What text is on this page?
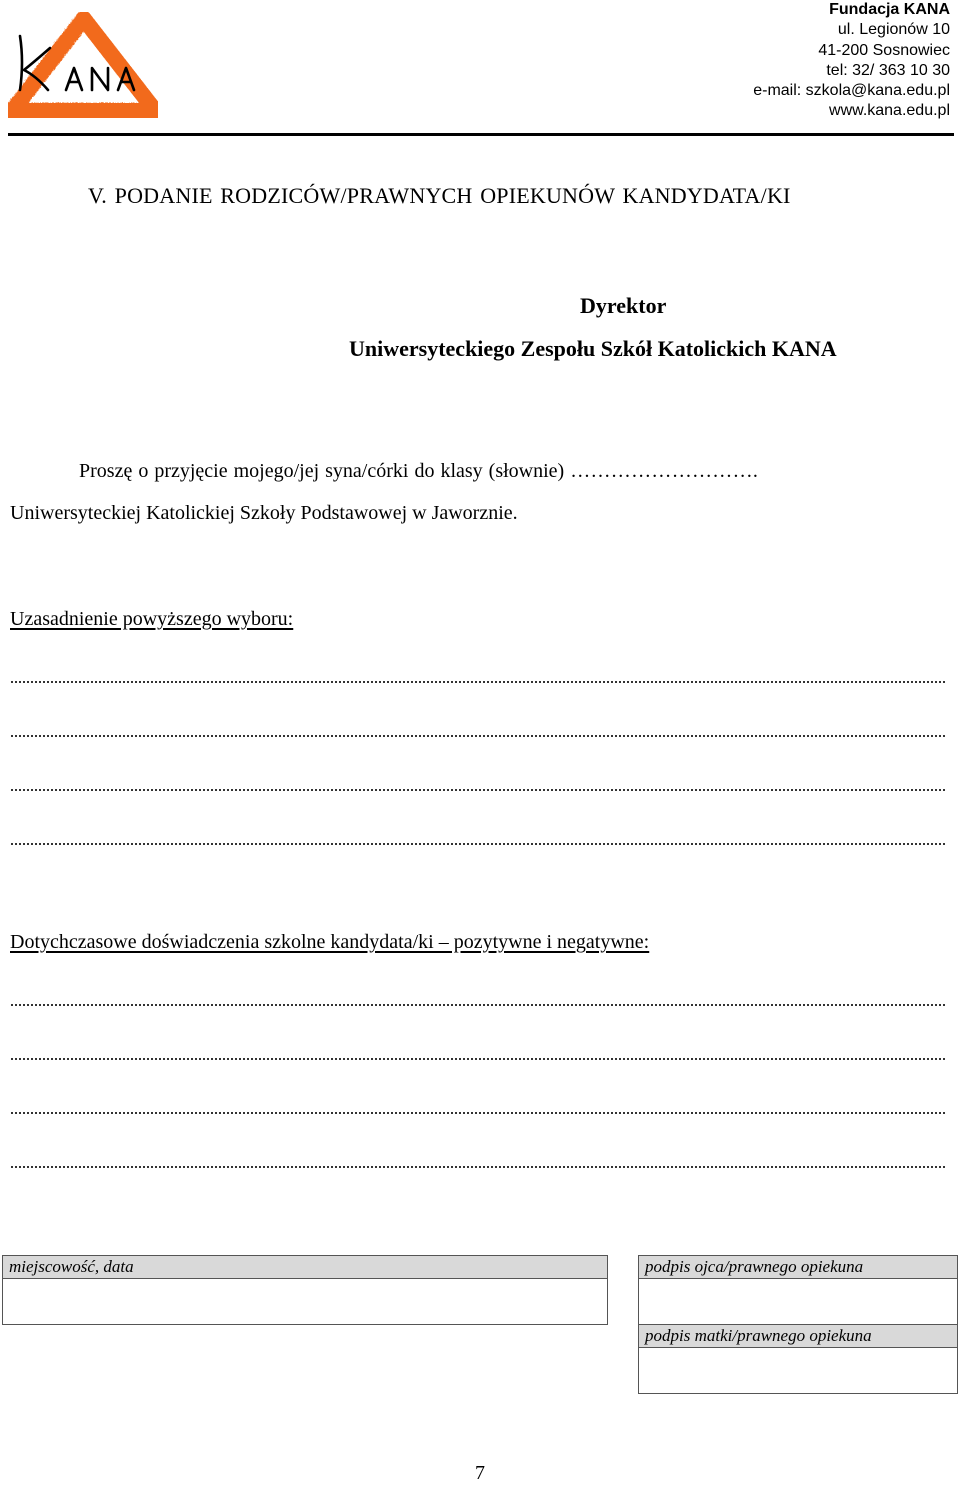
Fundacja KANA
ul. Legionów 10
41-200 Sosnowiec
tel: 32/ 363 10 30
e-mail: szkola@kana.edu.pl
www.kana.edu.pl
V. PODANIE RODZICÓW/PRAWNYCH OPIEKUNÓW KANDYDATA/KI
Dyrektor
Uniwersyteckiego Zespołu Szkół Katolickich KANA
Proszę o przyjęcie mojego/jej syna/córki do klasy (słownie) ……………………….
Uniwersyteckiej Katolickiej Szkoły Podstawowej w Jaworznie.
Uzasadnienie powyższego wyboru:
Dotychczasowe doświadczenia szkolne kandydata/ki – pozytywne i negatywne:
miejscowość, data	podpis ojca/prawnego opiekuna
podpis matki/prawnego opiekuna
7
